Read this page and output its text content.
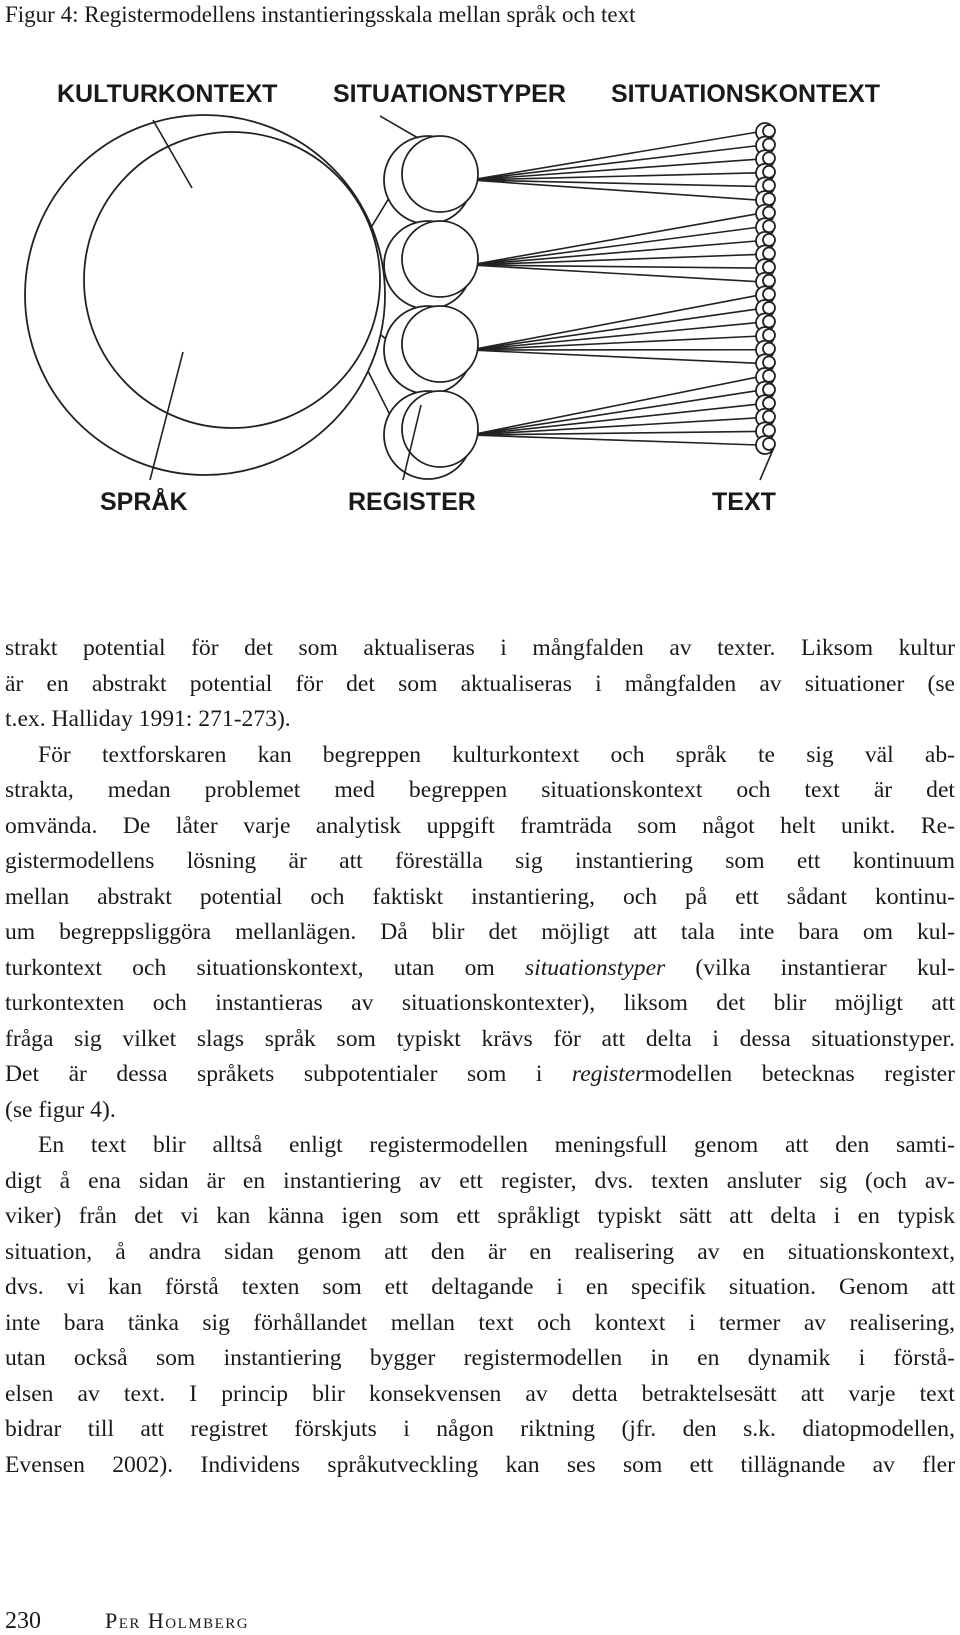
Figur 4: Registermodellens instantieringsskala mellan språk och text
KULTURKONTEXT SITUATIONSTYPER SITUATIONSKONTEXT
SPRÅK	REGISTER	TEXT
strakt potential för det som aktualiseras i mångfalden av texter. Liksom kultur
är en abstrakt potential för det som aktualiseras i mångfalden av situationer (se
t.ex. Halliday 1991: 271-273).
För textforskaren kan begreppen kulturkontext och språk te sig väl ab-
strakta, medan problemet med begreppen situationskontext och text är det
omvända. De låter varje analytisk uppgift framträda som något helt unikt. Re-
gistermodellens lösning är att föreställa sig instantiering som ett kontinuum
mellan abstrakt potential och faktiskt instantiering, och på ett sådant kontinu-
um begreppsliggöra mellanlägen. Då blir det möjligt att tala inte bara om kul-
turkontext och situationskontext, utan om situationstyper (vilka instantierar kul-
turkontexten och instantieras av situationskontexter), liksom det blir möjligt att
fråga sig vilket slags språk som typiskt krävs för att delta i dessa situationstyper.
Det är dessa språkets subpotentialer som i registermodellen betecknas register
(se figur 4).
En text blir alltså enligt registermodellen meningsfull genom att den samti-
digt å ena sidan är en instantiering av ett register, dvs. texten ansluter sig (och av-
viker) från det vi kan känna igen som ett språkligt typiskt sätt att delta i en typisk
situation, å andra sidan genom att den är en realisering av en situationskontext,
dvs. vi kan förstå texten som ett deltagande i en specifik situation. Genom att
inte bara tänka sig förhållandet mellan text och kontext i termer av realisering,
utan också som instantiering bygger registermodellen in en dynamik i förstå-
elsen av text. I princip blir konsekvensen av detta betraktelsesätt att varje text
bidrar till att registret förskjuts i någon riktning (jfr. den s.k. diatopmodellen,
Evensen 2002). Individens språkutveckling kan ses som ett tillägnande av fler
230	Per Holmberg
